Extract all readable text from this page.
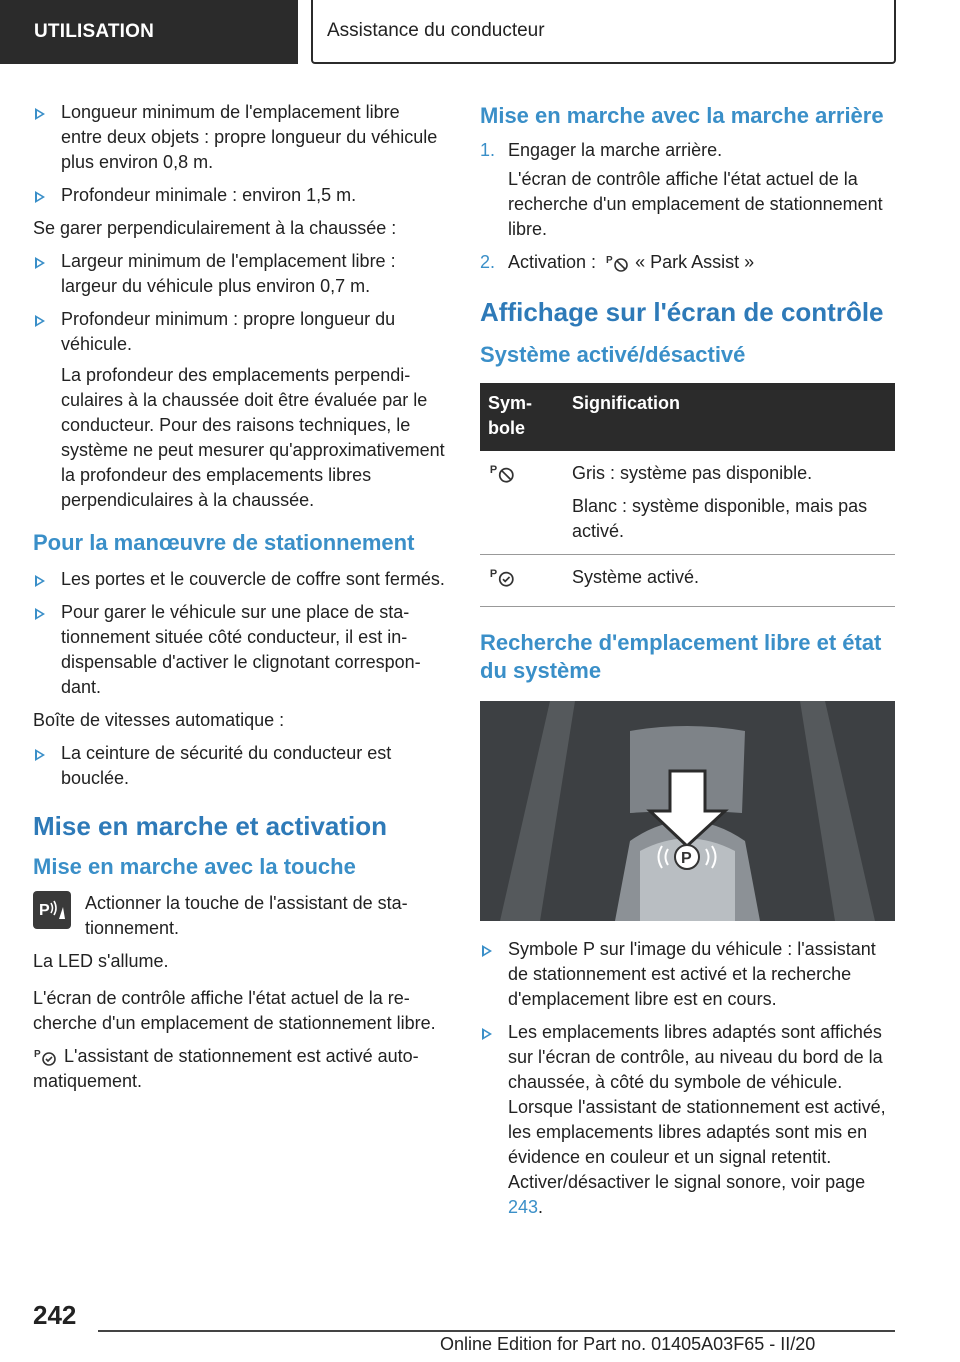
UTILISATION	Assistance du conducteur
Longueur minimum de l'emplacement libre entre deux objets : propre longueur du véhicule plus environ 0,8 m.
Profondeur minimale : environ 1,5 m.

Se garer perpendiculairement à la chaussée :

Largeur minimum de l'emplacement libre : largeur du véhicule plus environ 0,7 m.
Profondeur minimum : propre longueur du véhicule.

La profondeur des emplacements perpendiculaires à la chaussée doit être évaluée par le conducteur. Pour des raisons techniques, le système ne peut mesurer qu'approximativement la profondeur des emplacements libres perpendiculaires à la chaussée.

Pour la manœuvre de stationnement
Les portes et le couvercle de coffre sont fermés.
Pour garer le véhicule sur une place de stationnement située côté conducteur, il est indispensable d'activer le clignotant correspondant.

Boîte de vitesses automatique :

La ceinture de sécurité du conducteur est bouclée.
Mise en marche et activation
Mise en marche avec la touche
P Actionner la touche de l'assistant de stationnement.

La LED s'allume.

L'écran de contrôle affiche l'état actuel de la recherche d'un emplacement de stationnement libre.

P L'assistant de stationnement est activé automatiquement.

Mise en marche avec la marche arrière
1. Engager la marche arrière.

L'écran de contrôle affiche l'état actuel de la recherche d'un emplacement de stationnement libre.

2. Activation : P « Park Assist »
Affichage sur l'écran de contrôle
Système activé/désactivé
Symbole	Signification

P	Gris : système pas disponible.

Blanc : système disponible, mais pas activé.

P	Système activé.
Recherche d'emplacement libre et état du système
P
Symbole P sur l'image du véhicule : l'assistant de stationnement est activé et la recherche d'emplacement libre est en cours.
Les emplacements libres adaptés sont affichés sur l'écran de contrôle, au niveau du bord de la chaussée, à côté du symbole de véhicule. Lorsque l'assistant de stationnement est activé, les emplacements libres adaptés sont mis en évidence en couleur et un signal retentit. Activer/désactiver le signal sonore, voir page 243.
242
Online Edition for Part no. 01405A03F65 - II/20
